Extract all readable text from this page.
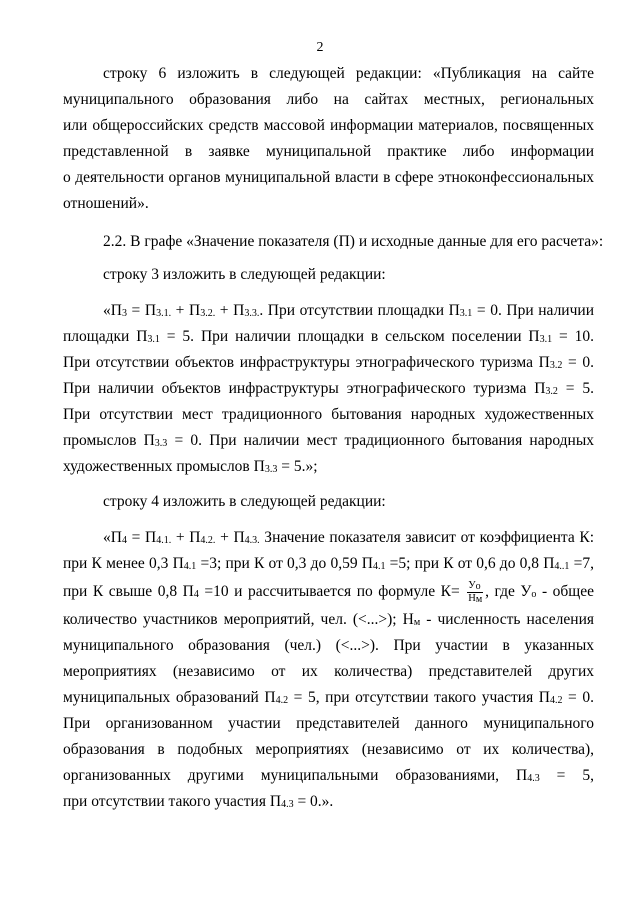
2
строку 6 изложить в следующей редакции: «Публикация на сайте
муниципального образования либо на сайтах местных, региональных
или общероссийских средств массовой информации материалов, посвященных
представленной в заявке муниципальной практике либо информации
о деятельности органов муниципальной власти в сфере этноконфессиональных
отношений».
2.2. В графе «Значение показателя (П) и исходные данные для его расчета»:
строку 3 изложить в следующей редакции:
«$П_3 = П_{3.1.} + П_{3.2.} + П_{3.3.}$. При отсутствии площадки $П_{3.1} = 0$. При наличии
площадки $П_{3.1} = 5$. При наличии площадки в сельском поселении $П_{3.1} = 10$.
При отсутствии объектов инфраструктуры этнографического туризма $П_{3.2} = 0$.
При наличии объектов инфраструктуры этнографического туризма $П_{3.2} = 5$.
При отсутствии мест традиционного бытования народных художественных
промыслов $П_{3.3} = 0$. При наличии мест традиционного бытования народных
художественных промыслов $П_{3.3} = 5$.»;
строку 4 изложить в следующей редакции:
«$П_4 = П_{4.1.} + П_{4.2.} + П_{4.3.}$ Значение показателя зависит от коэффициента К:
при К менее 0,3 $П_{4.1} =3$; при К от 0,3 до 0,59 $П_{4.1} =5$; при К от 0,6 до 0,8 $П_{4..1} =7$,
при К свыше 0,8 $П_4 =10$ и рассчитывается по формуле $К= \frac{У_о}{Н_м}$ , где $У_о$ - общее
количество участников мероприятий, чел. (<...>); $Н_м$ - численность населения
муниципального образования (чел.) (<...>). При участии в указанных
мероприятиях (независимо от их количества) представителей других
муниципальных образований $П_{4.2} = 5$, при отсутствии такого участия $П_{4.2} = 0$.
При организованном участии представителей данного муниципального
образования в подобных мероприятиях (независимо от их количества),
организованных другими муниципальными образованиями, $П_{4.3} = 5$,
при отсутствии такого участия $П_{4.3} = 0$.».
